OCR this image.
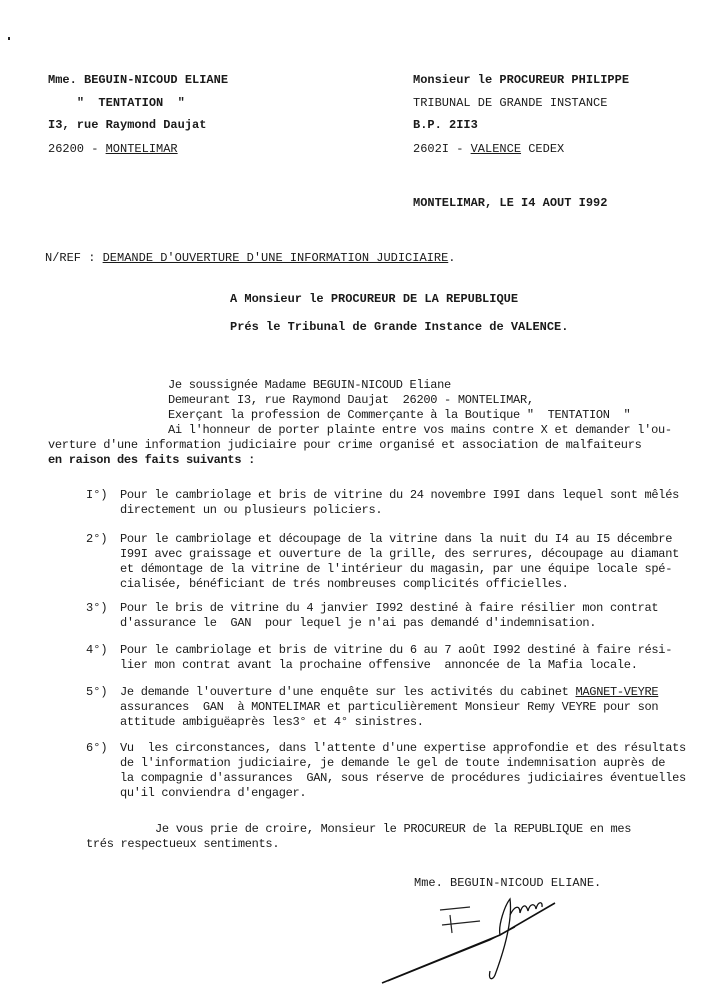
Mme. BEGUIN-NICOUD ELIANE
"  TENTATION  "
I3, rue Raymond Daujat
26200 - MONTELIMAR
Monsieur le PROCUREUR PHILIPPE
TRIBUNAL DE GRANDE INSTANCE
B.P. 2II3
2602I - VALENCE CEDEX
MONTELIMAR, LE I4 AOUT I992
N/REF : DEMANDE D'OUVERTURE D'UNE INFORMATION JUDICIAIRE.
A Monsieur le PROCUREUR DE LA REPUBLIQUE
Prés le Tribunal de Grande Instance de VALENCE.
Je soussignée Madame BEGUIN-NICOUD Eliane
Demeurant I3, rue Raymond Daujat  26200 - MONTELIMAR,
Exerçant la profession de Commerçante à la Boutique "  TENTATION  "
Ai l'honneur de porter plainte entre vos mains contre X et demander l'ou-
verture d'une information judiciaire pour crime organisé et association de malfaiteurs
en raison des faits suivants :
I°) Pour le cambriolage et bris de vitrine du 24 novembre I99I dans lequel sont mêlés
directement un ou plusieurs policiers.
2°) Pour le cambriolage et découpage de la vitrine dans la nuit du I4 au I5 décembre
I99I avec graissage et ouverture de la grille, des serrures, découpage au diamant
et démontage de la vitrine de l'intérieur du magasin, par une équipe locale spé-
cialisée, bénéficiant de trés nombreuses complicités officielles.
3°) Pour le bris de vitrine du 4 janvier I992 destiné à faire résilier mon contrat
d'assurance le  GAN  pour lequel je n'ai pas demandé d'indemnisation.
4°) Pour le cambriolage et bris de vitrine du 6 au 7 août I992 destiné à faire rési-
lier mon contrat avant la prochaine offensive  annoncée de la Mafia locale.
5°) Je demande l'ouverture d'une enquête sur les activités du cabinet MAGNET-VEYRE
assurances  GAN  à MONTELIMAR et particulièrement Monsieur Remy VEYRE pour son
attitude ambiguëaprès les3° et 4° sinistres.
6°) Vu  les circonstances, dans l'attente d'une expertise approfondie et des résultats
de l'information judiciaire, je demande le gel de toute indemnisation auprès de
la compagnie d'assurances  GAN, sous réserve de procédures judiciaires éventuelles
qu'il conviendra d'engager.
Je vous prie de croire, Monsieur le PROCUREUR de la REPUBLIQUE en mes
trés respectueux sentiments.
Mme. BEGUIN-NICOUD ELIANE.
